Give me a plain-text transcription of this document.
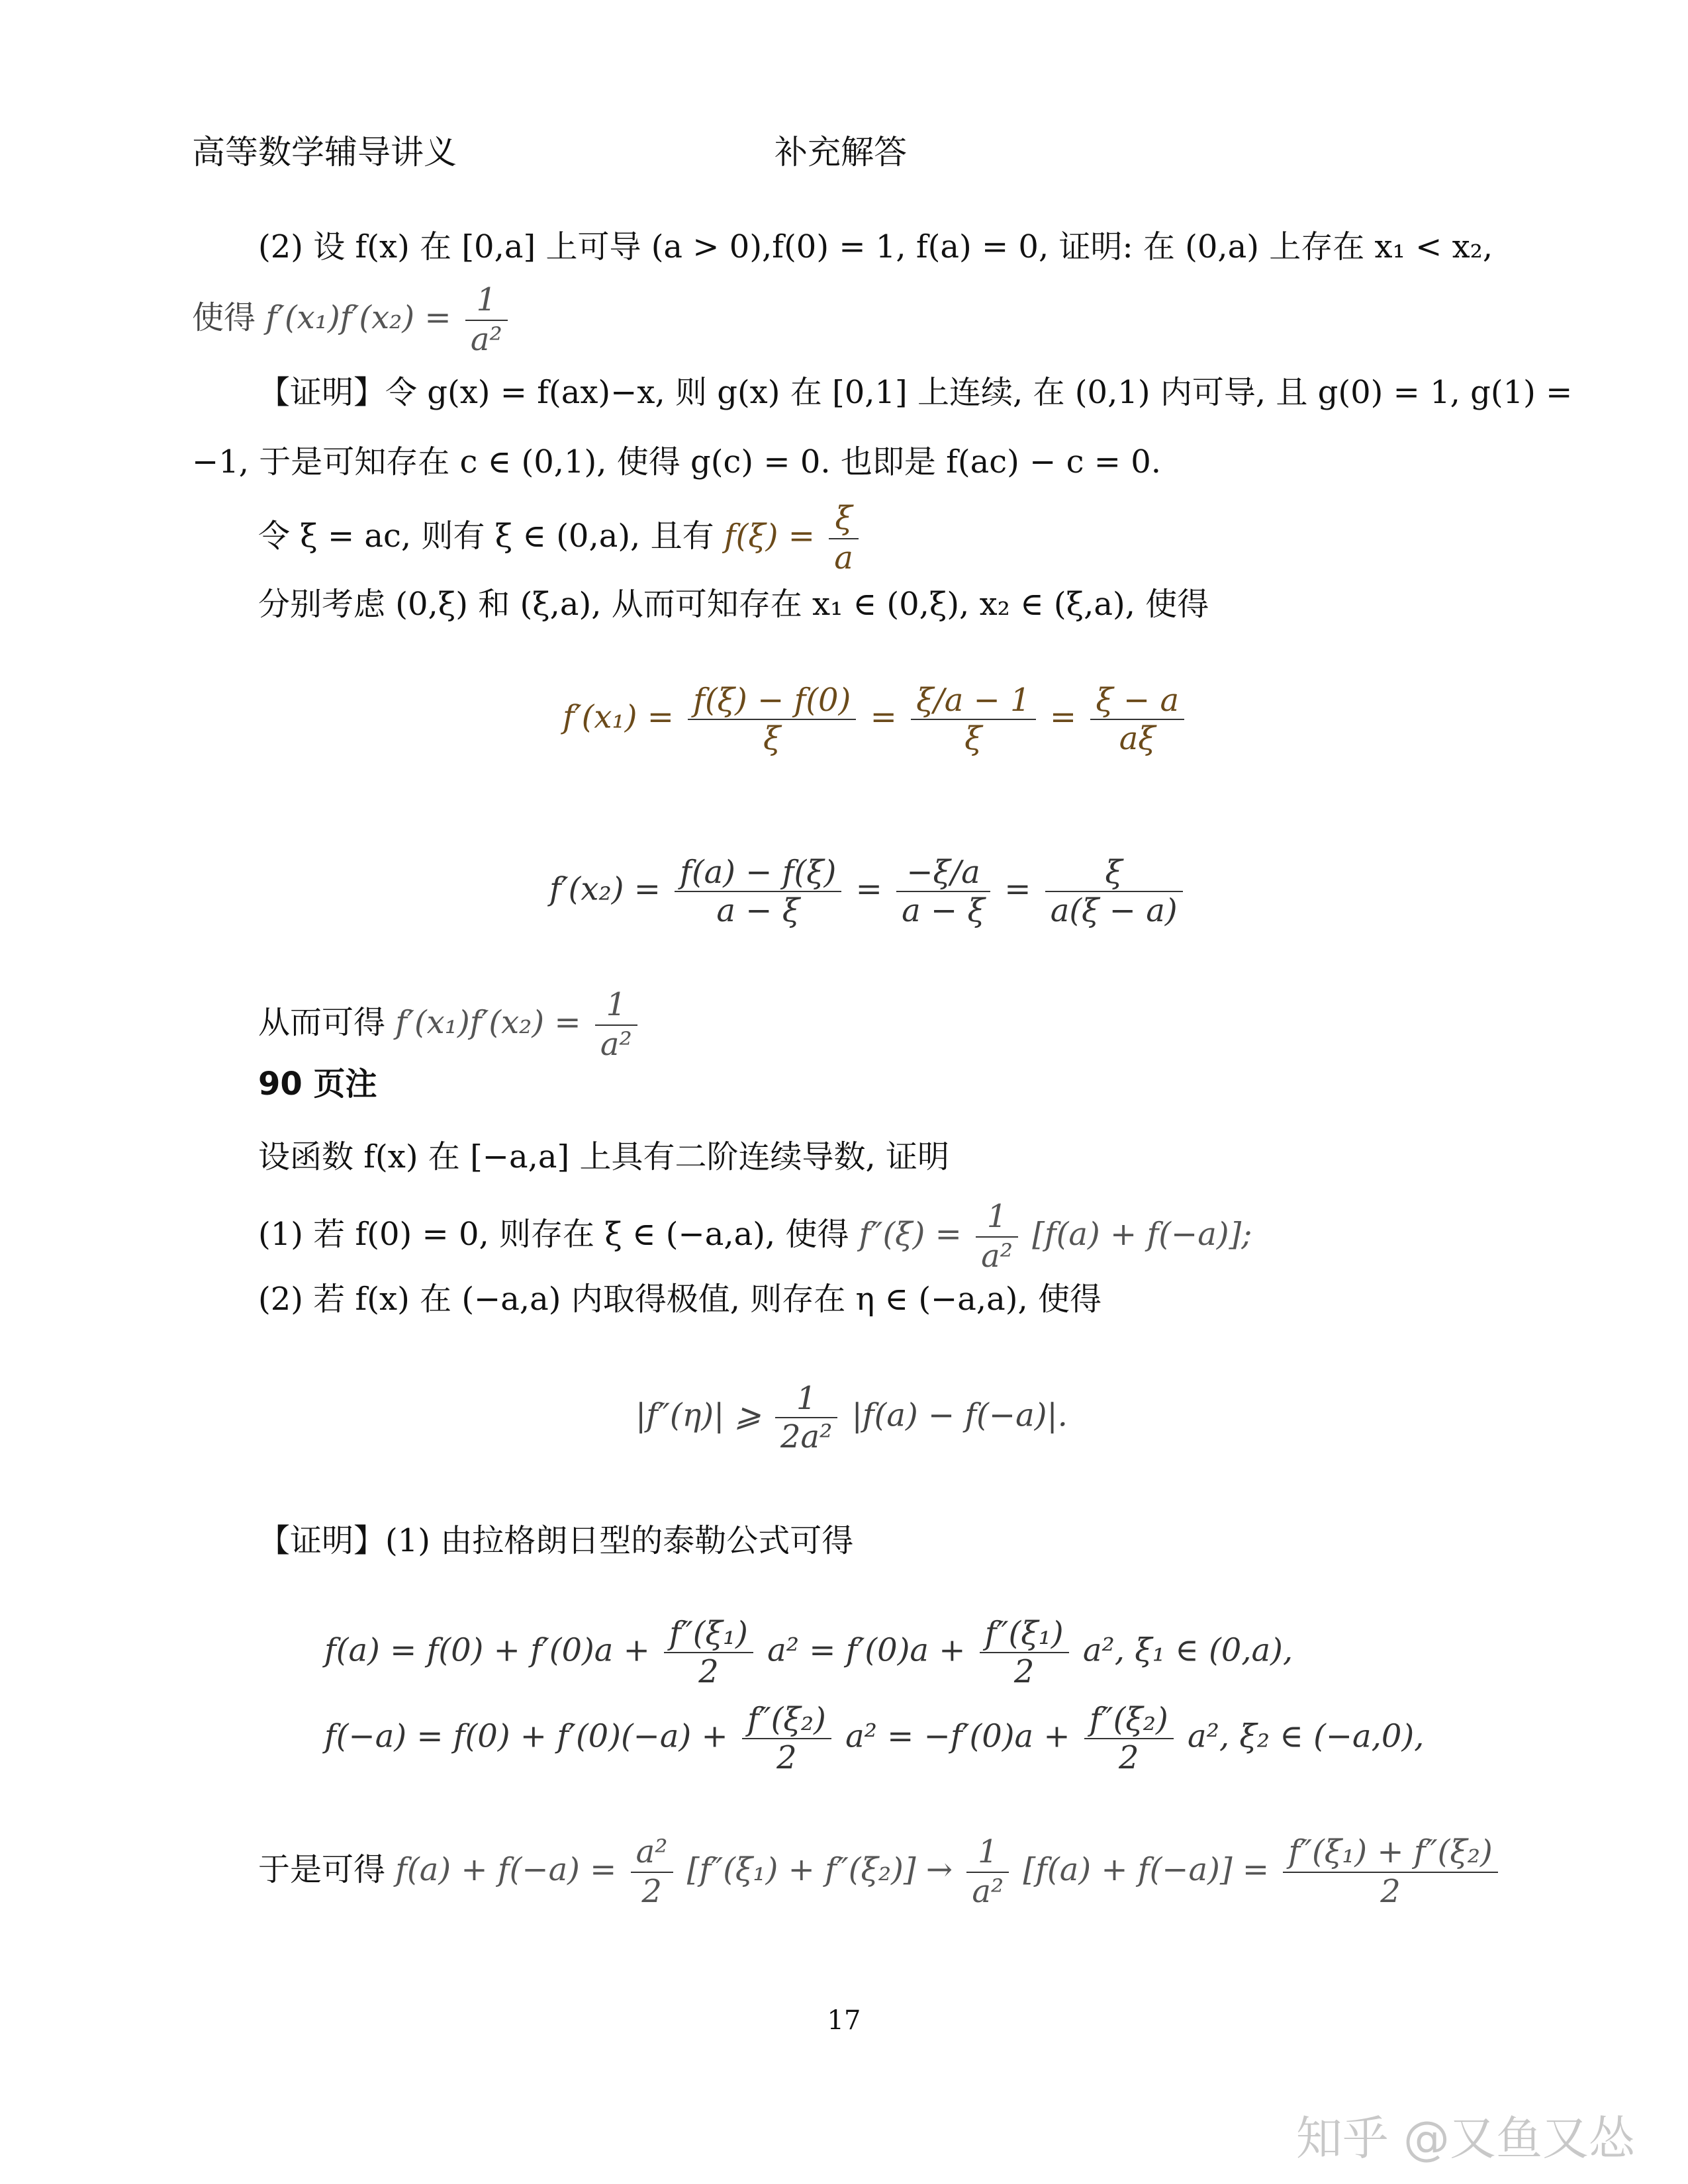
高等数学辅导讲义	补充解答
(2) 设 f(x) 在 [0,a] 上可导 (a > 0),f(0) = 1, f(a) = 0, 证明: 在 (0,a) 上存在 x₁ < x₂,
使得 $f'(x_1)f'(x_2) = \frac{1}{\text{a²}}$
【证明】令 g(x) = f(ax)−x, 则 g(x) 在 [0,1] 上连续, 在 (0,1) 内可导, 且 g(0) = 1, g(1) =
−1, 于是可知存在 c ∈ (0,1), 使得 g(c) = 0. 也即是 f(ac) − c = 0.
令 ξ = ac, 则有 ξ ∈ (0,a), 且有 $f(\xi) = \frac{\xi}{a}$
分别考虑 (0,ξ) 和 (ξ,a), 从而可知存在 x₁ ∈ (0,ξ), x₂ ∈ (ξ,a), 使得
$f'(x_1) = \frac{f(\xi) - f(0)}{\xi} = \frac{\xi/a - 1}{\xi} = \frac{\xi - a}{a\xi}$
$f'(x_2) = \frac{f(a) - f(\xi)}{a - \xi} = \frac{-\xi/a}{a - \xi} = \frac{\xi}{a(\xi - a)}$
从而可得 $f'(x_1)f'(x_2) = \frac{1}{\text{a²}}$
90 页注
设函数 f(x) 在 [−a,a] 上具有二阶连续导数, 证明
(1) 若 f(0) = 0, 则存在 ξ ∈ (−a,a), 使得 $f''(\xi) = \frac{1}{\text{a²}} [f(a) + f(-a)]$;
(2) 若 f(x) 在 (−a,a) 内取得极值, 则存在 η ∈ (−a,a), 使得
|f″(η)| ⩾ $\frac{1}{\text{2a²}} |f(a) - f(-a)|$.
【证明】(1) 由拉格朗日型的泰勒公式可得
$f(a) = f(0) + f'(0)a + \frac{\text{f″(ξ₁)}}{2} a^2 = f'(0)a + \frac{\text{f″(ξ₁)}}{2} a^2$, ξ₁ ∈ (0,a),
$f(-a) = f(0) + f'(0)(-a) + \frac{\text{f″(ξ₂)}}{2} a^2 = -f'(0)a + \frac{\text{f″(ξ₂)}}{2} a^2$, ξ₂ ∈ (−a,0),
于是可得 $f(a) + f(-a) = \frac{\text{a²}}{2} [f''(\xi_1) + f''(\xi_2)] \to \frac{1}{\text{a²}} [f(a) + f(-a)] = \frac{\text{f″(ξ₁) + f″(ξ₂)}}{2}$
17
知乎 @又鱼又怂
